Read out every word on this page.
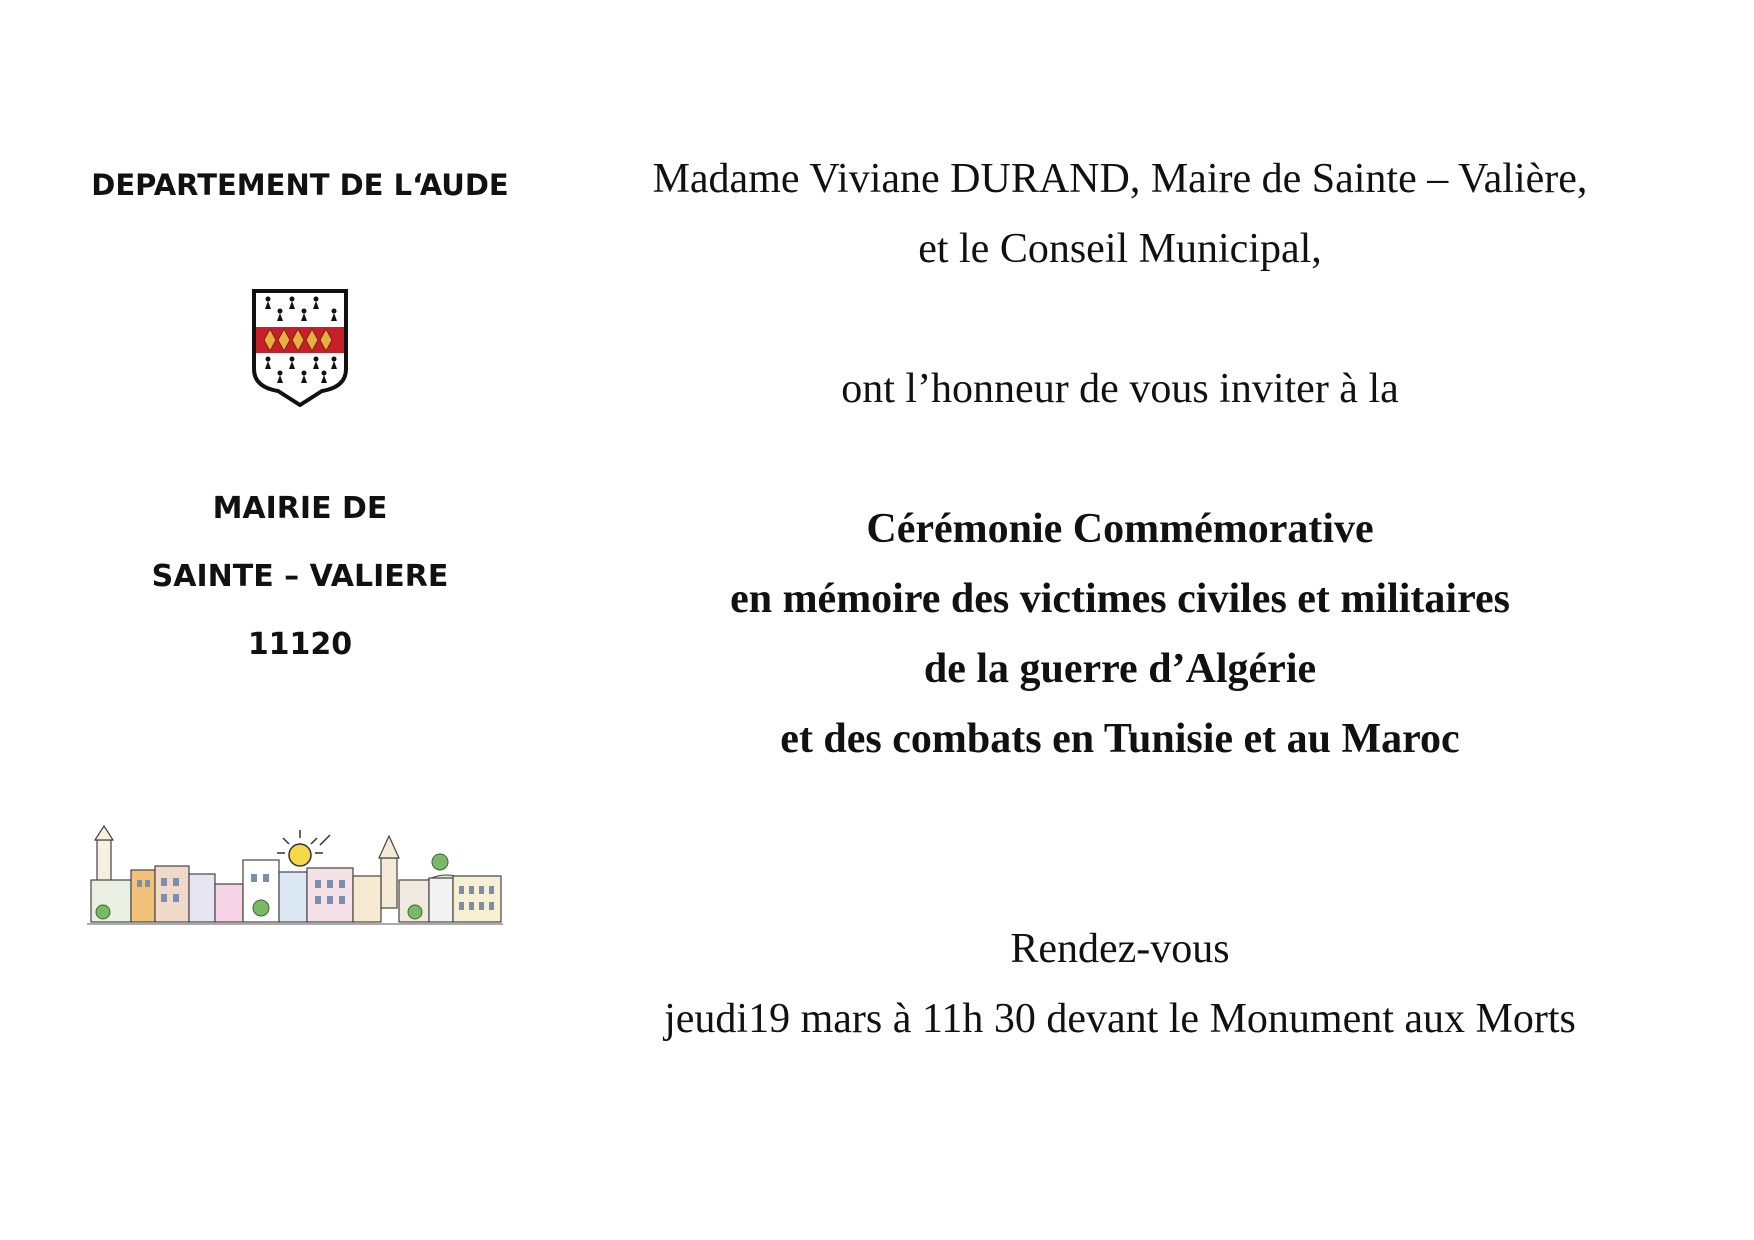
DEPARTEMENT DE L‘AUDE
MAIRIE DE
SAINTE – VALIERE
11120
Madame Viviane DURAND, Maire de Sainte – Valière,
et le Conseil Municipal,
ont l’honneur de vous inviter à la
Cérémonie Commémorative
en mémoire des victimes civiles et militaires
de la guerre d’Algérie
et des combats en Tunisie et au Maroc
Rendez-vous
jeudi19 mars à 11h 30 devant le Monument aux Morts
